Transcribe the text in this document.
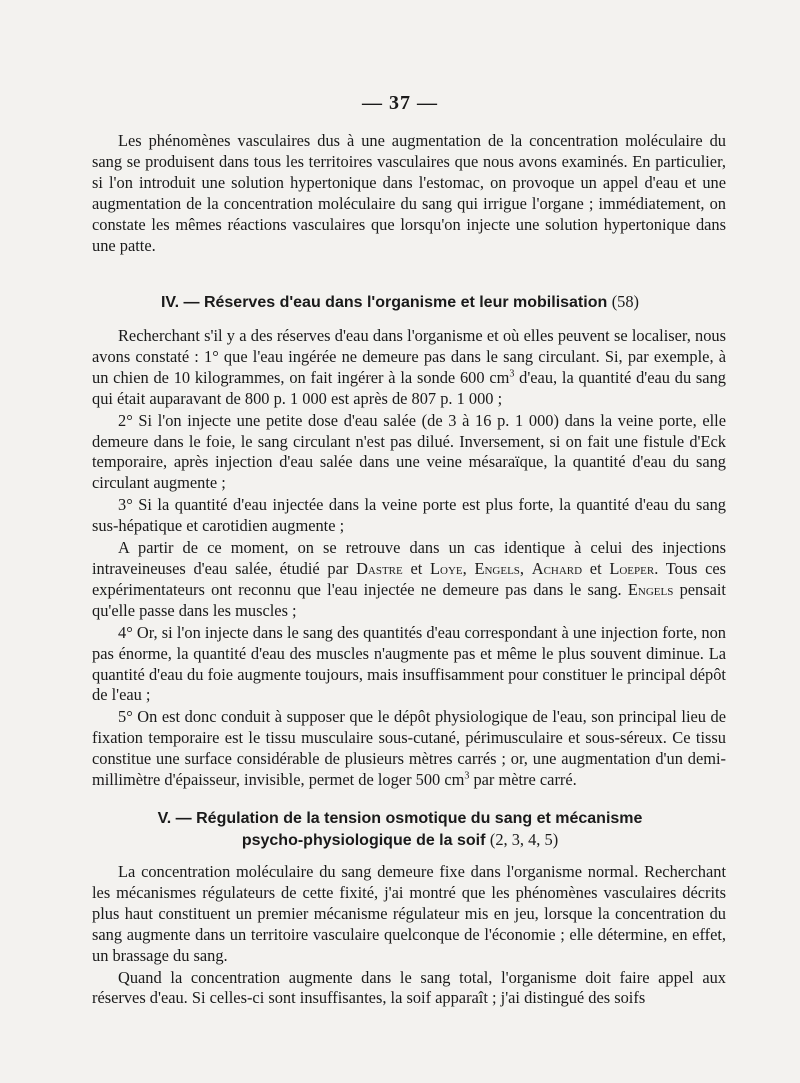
— 37 —

Les phénomènes vasculaires dus à une augmentation de la concentration moléculaire du sang se produisent dans tous les territoires vasculaires que nous avons examinés. En particulier, si l'on introduit une solution hypertonique dans l'estomac, on provoque un appel d'eau et une augmentation de la concentration moléculaire du sang qui irrigue l'organe ; immédiatement, on constate les mêmes réactions vasculaires que lorsqu'on injecte une solution hypertonique dans une patte.

IV. — Réserves d'eau dans l'organisme et leur mobilisation (58)

Recherchant s'il y a des réserves d'eau dans l'organisme et où elles peuvent se localiser, nous avons constaté : 1° que l'eau ingérée ne demeure pas dans le sang circulant. Si, par exemple, à un chien de 10 kilogrammes, on fait ingérer à la sonde 600 $cm^3$ d'eau, la quantité d'eau du sang qui était auparavant de 800 p. 1 000 est après de 807 p. 1 000 ;

2° Si l'on injecte une petite dose d'eau salée (de 3 à 16 p. 1 000) dans la veine porte, elle demeure dans le foie, le sang circulant n'est pas dilué. Inversement, si on fait une fistule d'Eck temporaire, après injection d'eau salée dans une veine mésaraïque, la quantité d'eau du sang circulant augmente ;

3° Si la quantité d'eau injectée dans la veine porte est plus forte, la quantité d'eau du sang sus-hépatique et carotidien augmente ;

A partir de ce moment, on se retrouve dans un cas identique à celui des injections intraveineuses d'eau salée, étudié par Dastre et Loye, Engels, Achard et Loeper. Tous ces expérimentateurs ont reconnu que l'eau injectée ne demeure pas dans le sang. Engels pensait qu'elle passe dans les muscles ;

4° Or, si l'on injecte dans le sang des quantités d'eau correspondant à une injection forte, non pas énorme, la quantité d'eau des muscles n'augmente pas et même le plus souvent diminue. La quantité d'eau du foie augmente toujours, mais insuffisamment pour constituer le principal dépôt de l'eau ;

5° On est donc conduit à supposer que le dépôt physiologique de l'eau, son principal lieu de fixation temporaire est le tissu musculaire sous-cutané, périmusculaire et sous-séreux. Ce tissu constitue une surface considérable de plusieurs mètres carrés ; or, une augmentation d'un demi-millimètre d'épaisseur, invisible, permet de loger 500 $cm^3$ par mètre carré.

V. — Régulation de la tension osmotique du sang et mécanisme
psycho-physiologique de la soif (2, 3, 4, 5)

La concentration moléculaire du sang demeure fixe dans l'organisme normal. Recherchant les mécanismes régulateurs de cette fixité, j'ai montré que les phénomènes vasculaires décrits plus haut constituent un premier mécanisme régulateur mis en jeu, lorsque la concentration du sang augmente dans un territoire vasculaire quelconque de l'économie ; elle détermine, en effet, un brassage du sang.

Quand la concentration augmente dans le sang total, l'organisme doit faire appel aux réserves d'eau. Si celles-ci sont insuffisantes, la soif apparaît ; j'ai distingué des soifs
